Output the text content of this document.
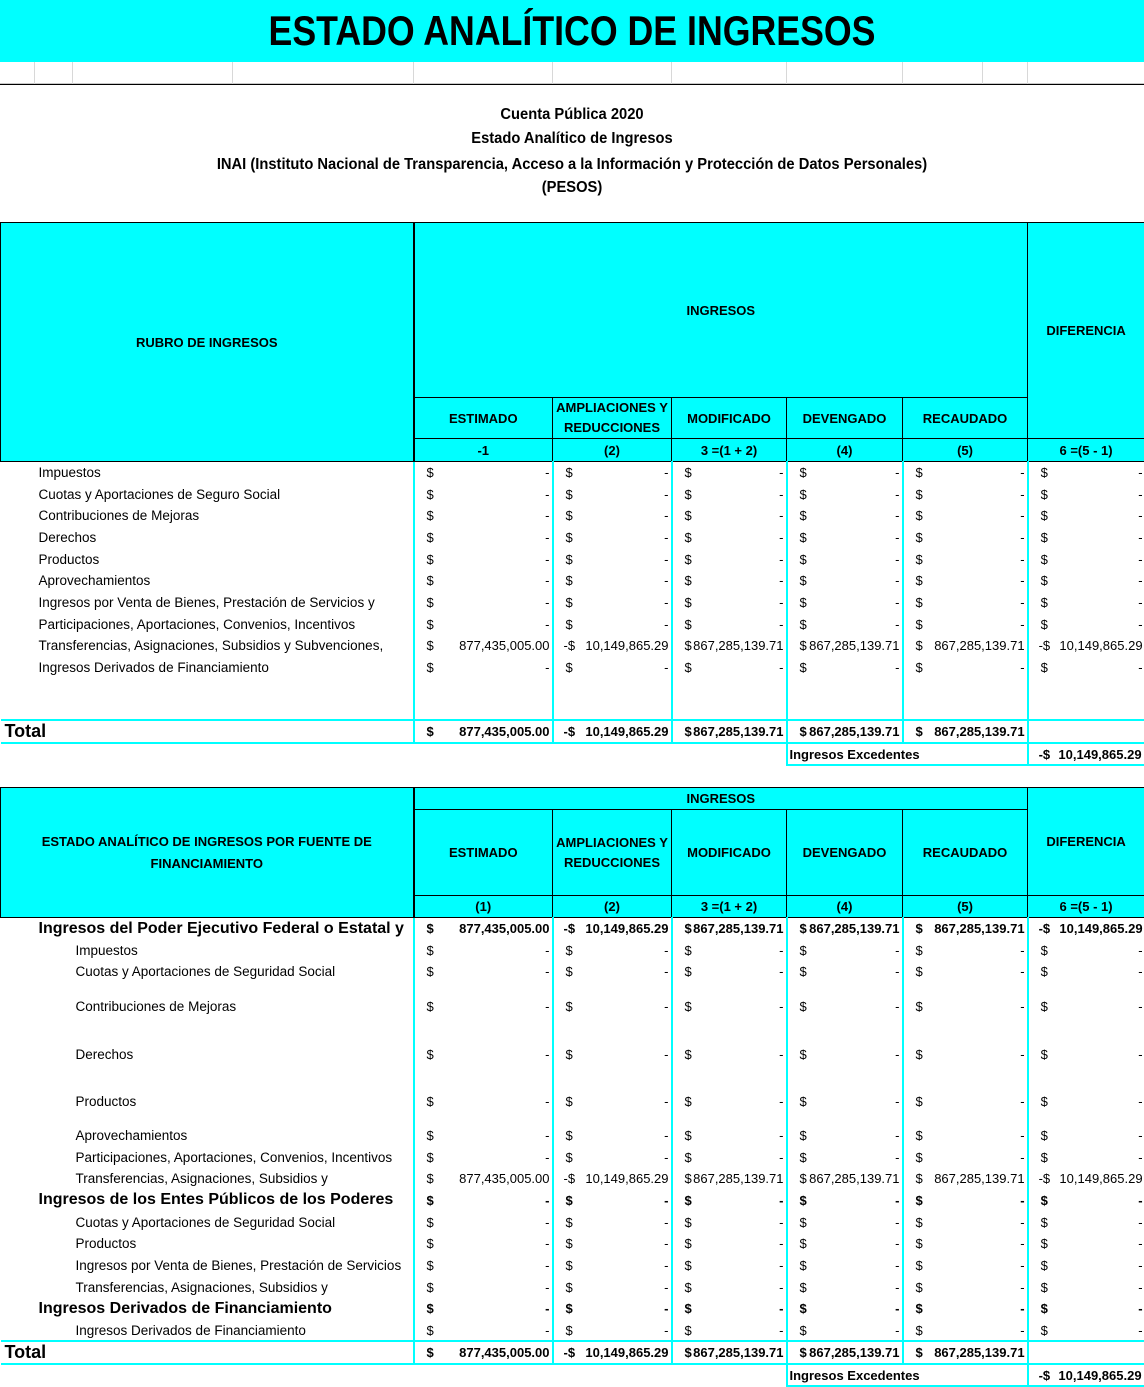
ESTADO ANALÍTICO DE INGRESOS
Cuenta Pública 2020
Estado Analítico de Ingresos
INAI (Instituto Nacional de Transparencia, Acceso a la Información y Protección de Datos Personales)
(PESOS)
RUBRO DE INGRESOS	INGRESOS					DIFERENCIA
	ESTIMADO	AMPLIACIONES Y
REDUCCIONES	MODIFICADO	DEVENGADO	RECAUDADO	
	-1	(2)	3 =(1 + 2)	(4)	(5)	6 =(5 - 1)
Impuestos	$ -	$ -	$ -	$ -	$ -	$ -

Cuotas y Aportaciones de Seguro Social	$ -	$ -	$ -	$ -	$ -	$ -

Contribuciones de Mejoras	$ -	$ -	$ -	$ -	$ -	$ -

Derechos	$ -	$ -	$ -	$ -	$ -	$ -

Productos	$ -	$ -	$ -	$ -	$ -	$ -

Aprovechamientos	$ -	$ -	$ -	$ -	$ -	$ -

Ingresos por Venta de Bienes, Prestación de Servicios y	$ -	$ -	$ -	$ -	$ -	$ -

Participaciones, Aportaciones, Convenios, Incentivos	$ -	$ -	$ -	$ -	$ -	$ -

Transferencias, Asignaciones, Subsidios y Subvenciones,	$ 877,435,005.00	-$ 10,149,865.29	$ 867,285,139.71	$ 867,285,139.71	$ 867,285,139.71	-$ 10,149,865.29

Ingresos Derivados de Financiamiento	$ -	$ -	$ -	$ -	$ -	$ -

Total	$ 877,435,005.00	-$ 10,149,865.29	$ 867,285,139.71	$ 867,285,139.71	$ 867,285,139.71	

				Ingresos Excedentes		-$ 10,149,865.29
ESTADO ANALÍTICO DE INGRESOS POR FUENTE DE
FINANCIAMIENTO	INGRESOS					DIFERENCIA
	ESTIMADO	AMPLIACIONES Y
REDUCCIONES	MODIFICADO	DEVENGADO	RECAUDADO	
	(1)	(2)	3 =(1 + 2)	(4)	(5)	6 =(5 - 1)
Ingresos del Poder Ejecutivo Federal o Estatal y	$ 877,435,005.00	-$ 10,149,865.29	$ 867,285,139.71	$ 867,285,139.71	$ 867,285,139.71	-$ 10,149,865.29

Impuestos	$ -	$ -	$ -	$ -	$ -	$ -

Cuotas y Aportaciones de Seguridad Social	$ -	$ -	$ -	$ -	$ -	$ -

Contribuciones de Mejoras	$ -	$ -	$ -	$ -	$ -	$ -

Derechos	$ -	$ -	$ -	$ -	$ -	$ -

Productos	$ -	$ -	$ -	$ -	$ -	$ -

Aprovechamientos	$ -	$ -	$ -	$ -	$ -	$ -

Participaciones, Aportaciones, Convenios, Incentivos	$ -	$ -	$ -	$ -	$ -	$ -

Transferencias, Asignaciones, Subsidios y	$ 877,435,005.00	-$ 10,149,865.29	$ 867,285,139.71	$ 867,285,139.71	$ 867,285,139.71	-$ 10,149,865.29

Ingresos de los Entes Públicos de los Poderes	$ -	$ -	$ -	$ -	$ -	$ -

Cuotas y Aportaciones de Seguridad Social	$ -	$ -	$ -	$ -	$ -	$ -

Productos	$ -	$ -	$ -	$ -	$ -	$ -

Ingresos por Venta de Bienes, Prestación de Servicios	$ -	$ -	$ -	$ -	$ -	$ -

Transferencias, Asignaciones, Subsidios y	$ -	$ -	$ -	$ -	$ -	$ -

Ingresos Derivados de Financiamiento	$ -	$ -	$ -	$ -	$ -	$ -

Ingresos Derivados de Financiamiento	$ -	$ -	$ -	$ -	$ -	$ -

Total	$ 877,435,005.00	-$ 10,149,865.29	$ 867,285,139.71	$ 867,285,139.71	$ 867,285,139.71	

				Ingresos Excedentes		-$ 10,149,865.29
